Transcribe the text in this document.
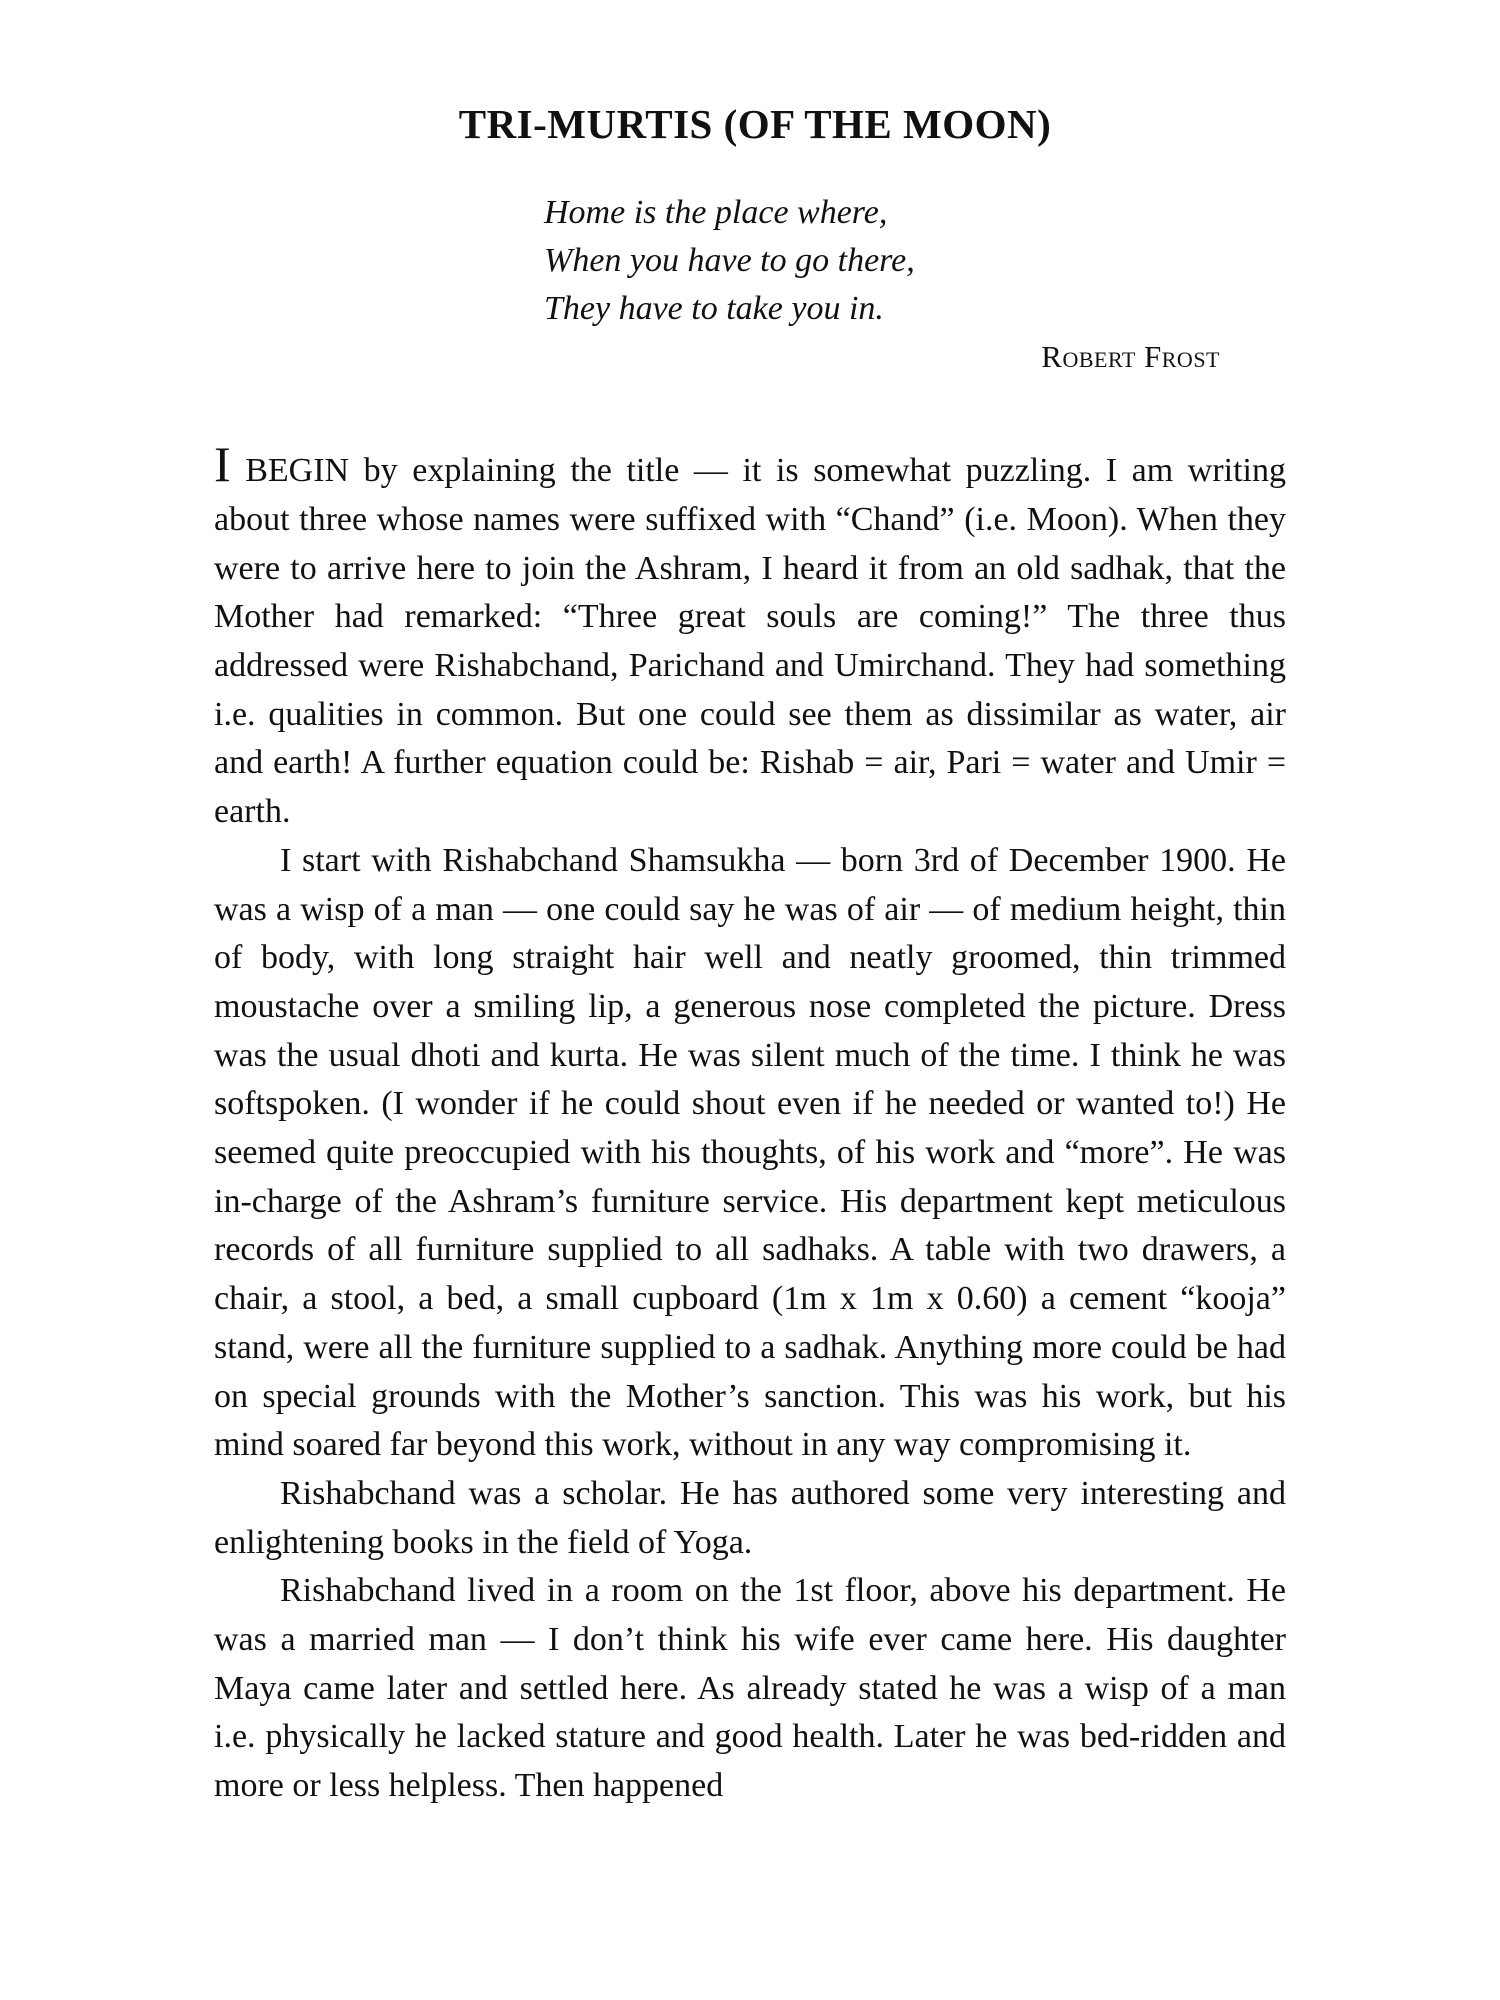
TRI-MURTIS (OF THE MOON)
Home is the place where,
When you have to go there,
They have to take you in.
Robert Frost

I BEGIN by explaining the title — it is somewhat puzzling. I am writing about three whose names were suffixed with “Chand” (i.e. Moon). When they were to arrive here to join the Ashram, I heard it from an old sadhak, that the Mother had remarked: “Three great souls are coming!” The three thus addressed were Rishabchand, Parichand and Umirchand. They had something i.e. qualities in common. But one could see them as dissimilar as water, air and earth! A further equation could be: Rishab = air, Pari = water and Umir = earth.

I start with Rishabchand Shamsukha — born 3rd of December 1900. He was a wisp of a man — one could say he was of air — of medium height, thin of body, with long straight hair well and neatly groomed, thin trimmed moustache over a smiling lip, a generous nose completed the picture. Dress was the usual dhoti and kurta. He was silent much of the time. I think he was softspoken. (I wonder if he could shout even if he needed or wanted to!) He seemed quite preoccupied with his thoughts, of his work and “more”. He was in-charge of the Ashram’s furniture service. His department kept meticulous records of all furniture supplied to all sadhaks. A table with two drawers, a chair, a stool, a bed, a small cupboard (1m x 1m x 0.60) a cement “kooja” stand, were all the furniture supplied to a sadhak. Anything more could be had on special grounds with the Mother’s sanction. This was his work, but his mind soared far beyond this work, without in any way compromising it.

Rishabchand was a scholar. He has authored some very interesting and enlightening books in the field of Yoga.

Rishabchand lived in a room on the 1st floor, above his department. He was a married man — I don’t think his wife ever came here. His daughter Maya came later and settled here. As already stated he was a wisp of a man i.e. physically he lacked stature and good health. Later he was bed-ridden and more or less helpless. Then happened
